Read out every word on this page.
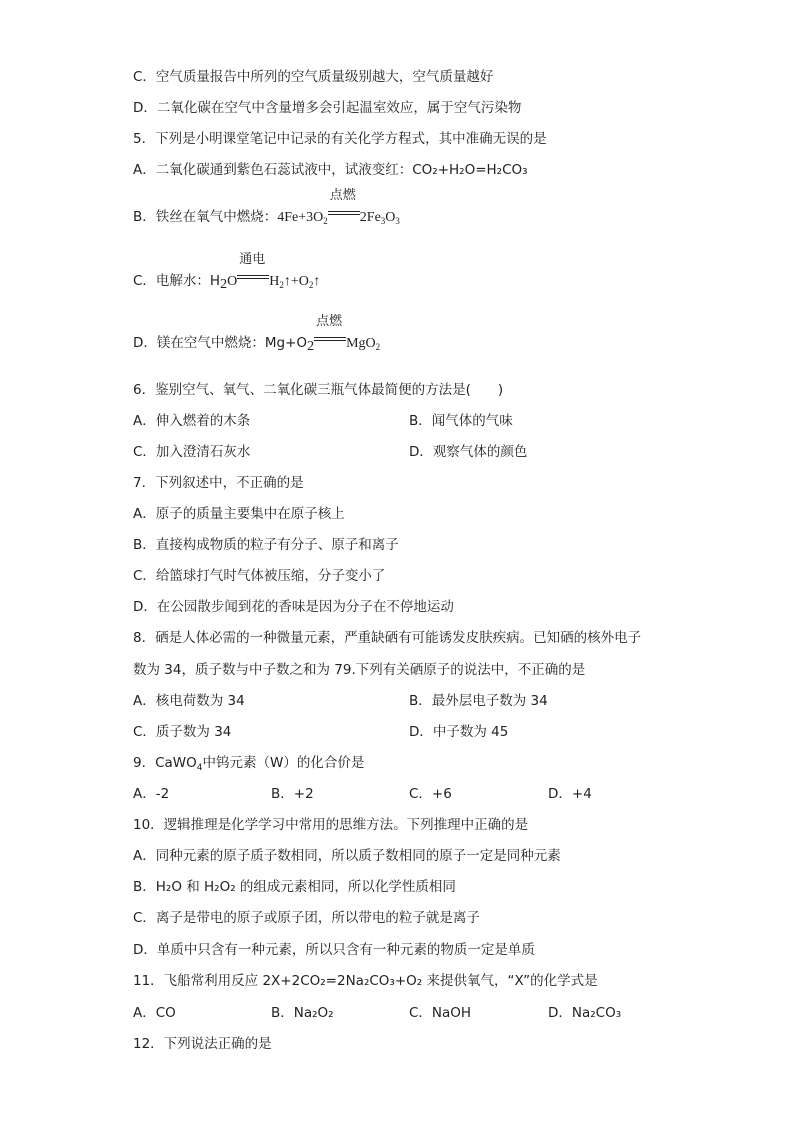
C．空气质量报告中所列的空气质量级别越大，空气质量越好
D．二氧化碳在空气中含量增多会引起温室效应，属于空气污染物
5．下列是小明课堂笔记中记录的有关化学方程式，其中准确无误的是
A．二氧化碳通到紫色石蕊试液中，试液变红：CO₂+H₂O=H₂CO₃
B．铁丝在氧气中燃烧：$4Fe+3O_2$
点燃
$2Fe_3O_3$
C．电解水：$H_2O$
通电
$H_2↑+O_2↑$
D．镁在空气中燃烧：$Mg+O_2$
点燃
MgO$_2$
6．鉴别空气、氧气、二氧化碳三瓶气体最简便的方法是(　　)
A．伸入燃着的木条	B．闻气体的气味
C．加入澄清石灰水	D．观察气体的颜色
7．下列叙述中，不正确的是
A．原子的质量主要集中在原子核上
B．直接构成物质的粒子有分子、原子和离子
C．给篮球打气时气体被压缩，分子变小了
D．在公园散步闻到花的香味是因为分子在不停地运动
8．硒是人体必需的一种微量元素，严重缺硒有可能诱发皮肤疾病。已知硒的核外电子
数为 34，质子数与中子数之和为 79.下列有关硒原子的说法中，不正确的是
A．核电荷数为 34	B．最外层电子数为 34
C．质子数为 34	D．中子数为 45
9．CaWO$_4$中钨元素（W）的化合价是
A．-2	B．+2	C．+6	D．+4
10．逻辑推理是化学学习中常用的思维方法。下列推理中正确的是
A．同种元素的原子质子数相同，所以质子数相同的原子一定是同种元素
B．H₂O 和 H₂O₂ 的组成元素相同，所以化学性质相同
C．离子是带电的原子或原子团，所以带电的粒子就是离子
D．单质中只含有一种元素，所以只含有一种元素的物质一定是单质
11．飞船常利用反应 2X+2CO₂=2Na₂CO₃+O₂ 来提供氧气，“X”的化学式是
A．CO	B．Na₂O₂	C．NaOH	D．Na₂CO₃
12．下列说法正确的是
